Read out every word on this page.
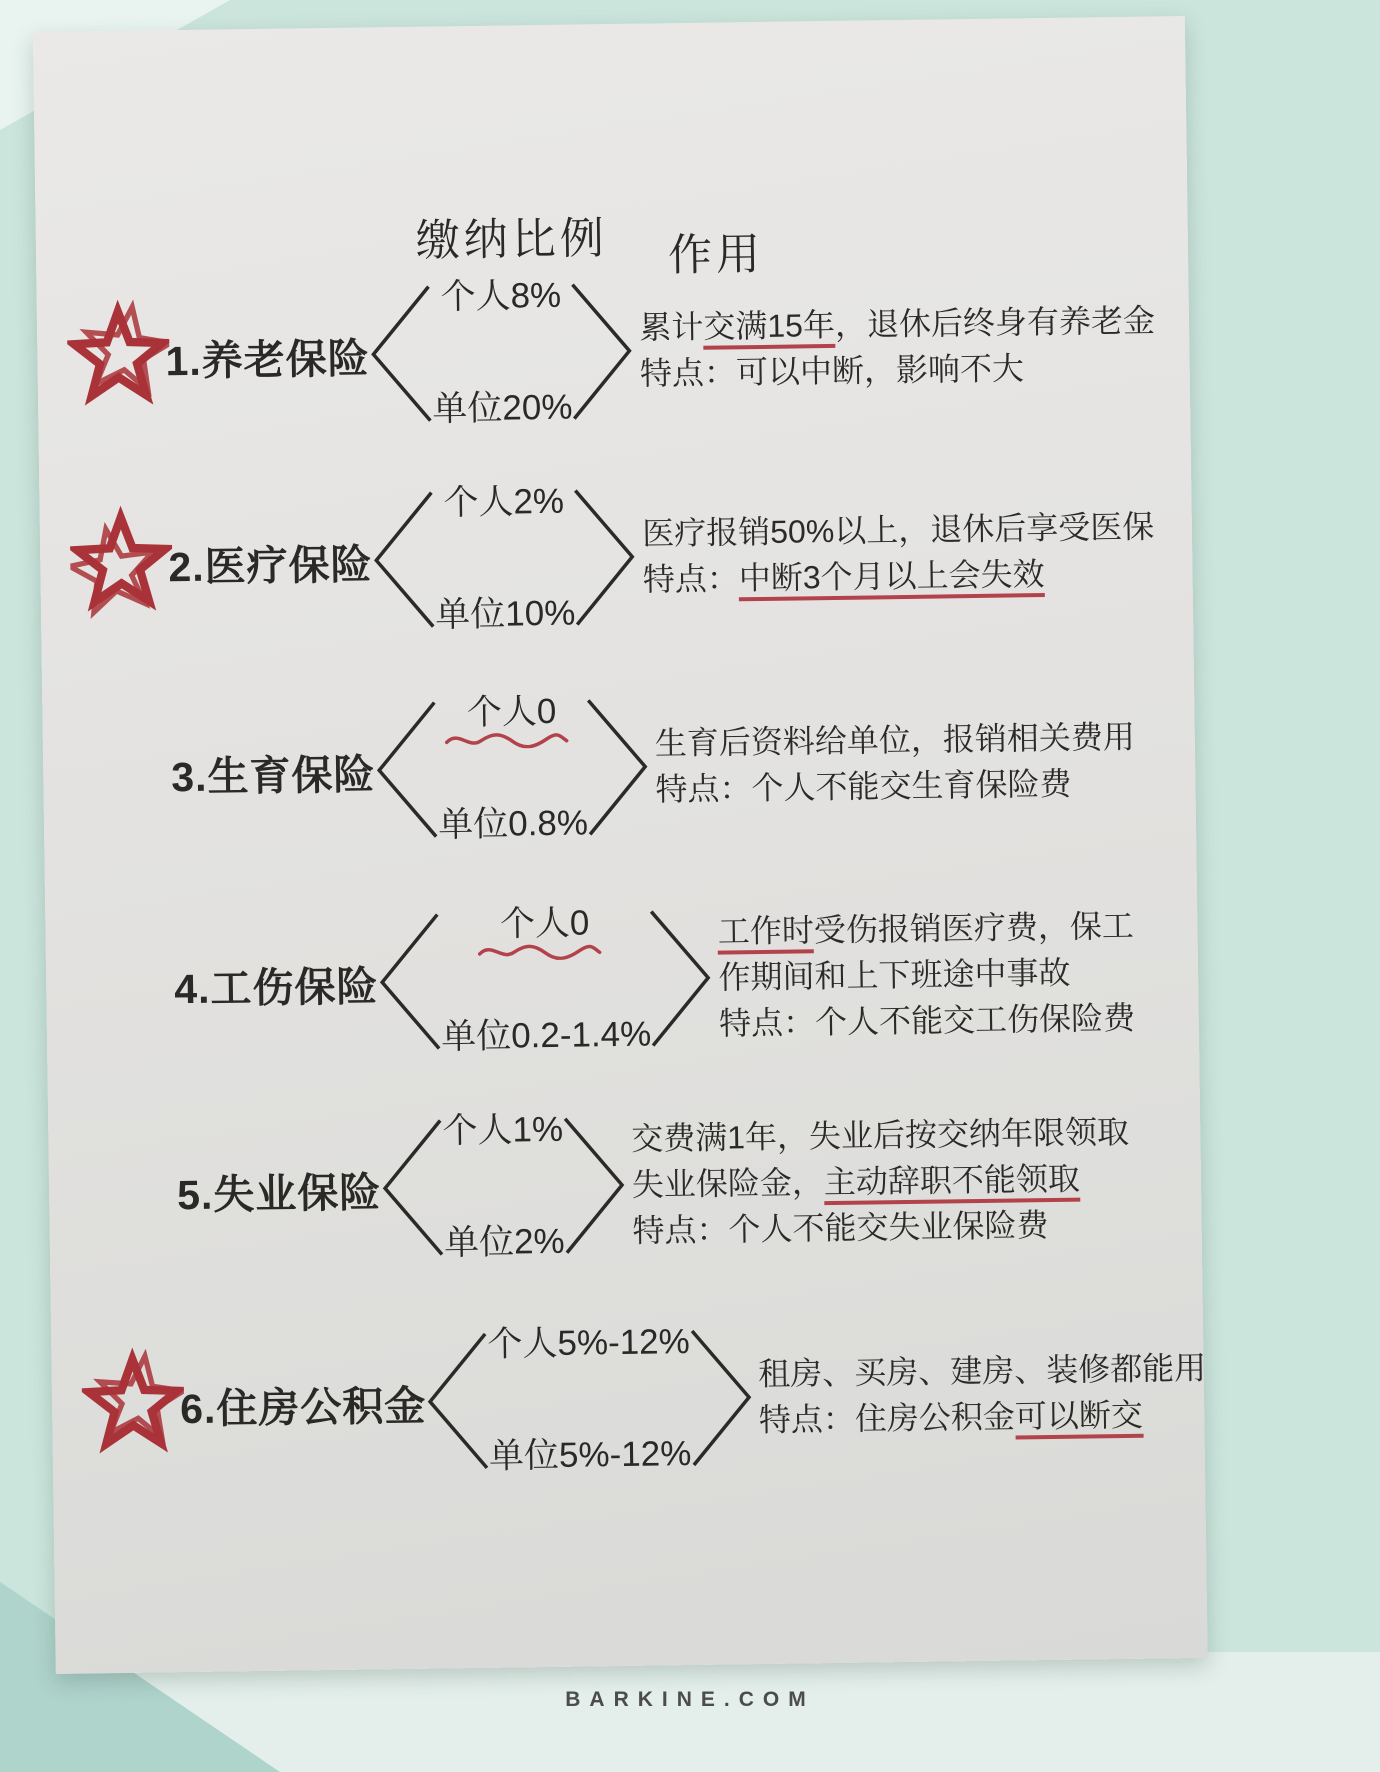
缴纳比例 作用
1.养老保险
个人8%
单位20%
累计交满15年，退休后终身有养老金
特点：可以中断，影响不大
2.医疗保险
个人2%
单位10%
医疗报销50%以上，退休后享受医保
特点：中断3个月以上会失效
3.生育保险
个人0
单位0.8%
生育后资料给单位，报销相关费用
特点：个人不能交生育保险费
4.工伤保险
个人0
单位0.2-1.4%
工作时受伤报销医疗费，保工
作期间和上下班途中事故
特点：个人不能交工伤保险费
5.失业保险
个人1%
单位2%
交费满1年，失业后按交纳年限领取
失业保险金，主动辞职不能领取
特点：个人不能交失业保险费
6.住房公积金
个人5%-12%
单位5%-12%
租房、买房、建房、装修都能用
特点：住房公积金可以断交
BARKINE.COM
